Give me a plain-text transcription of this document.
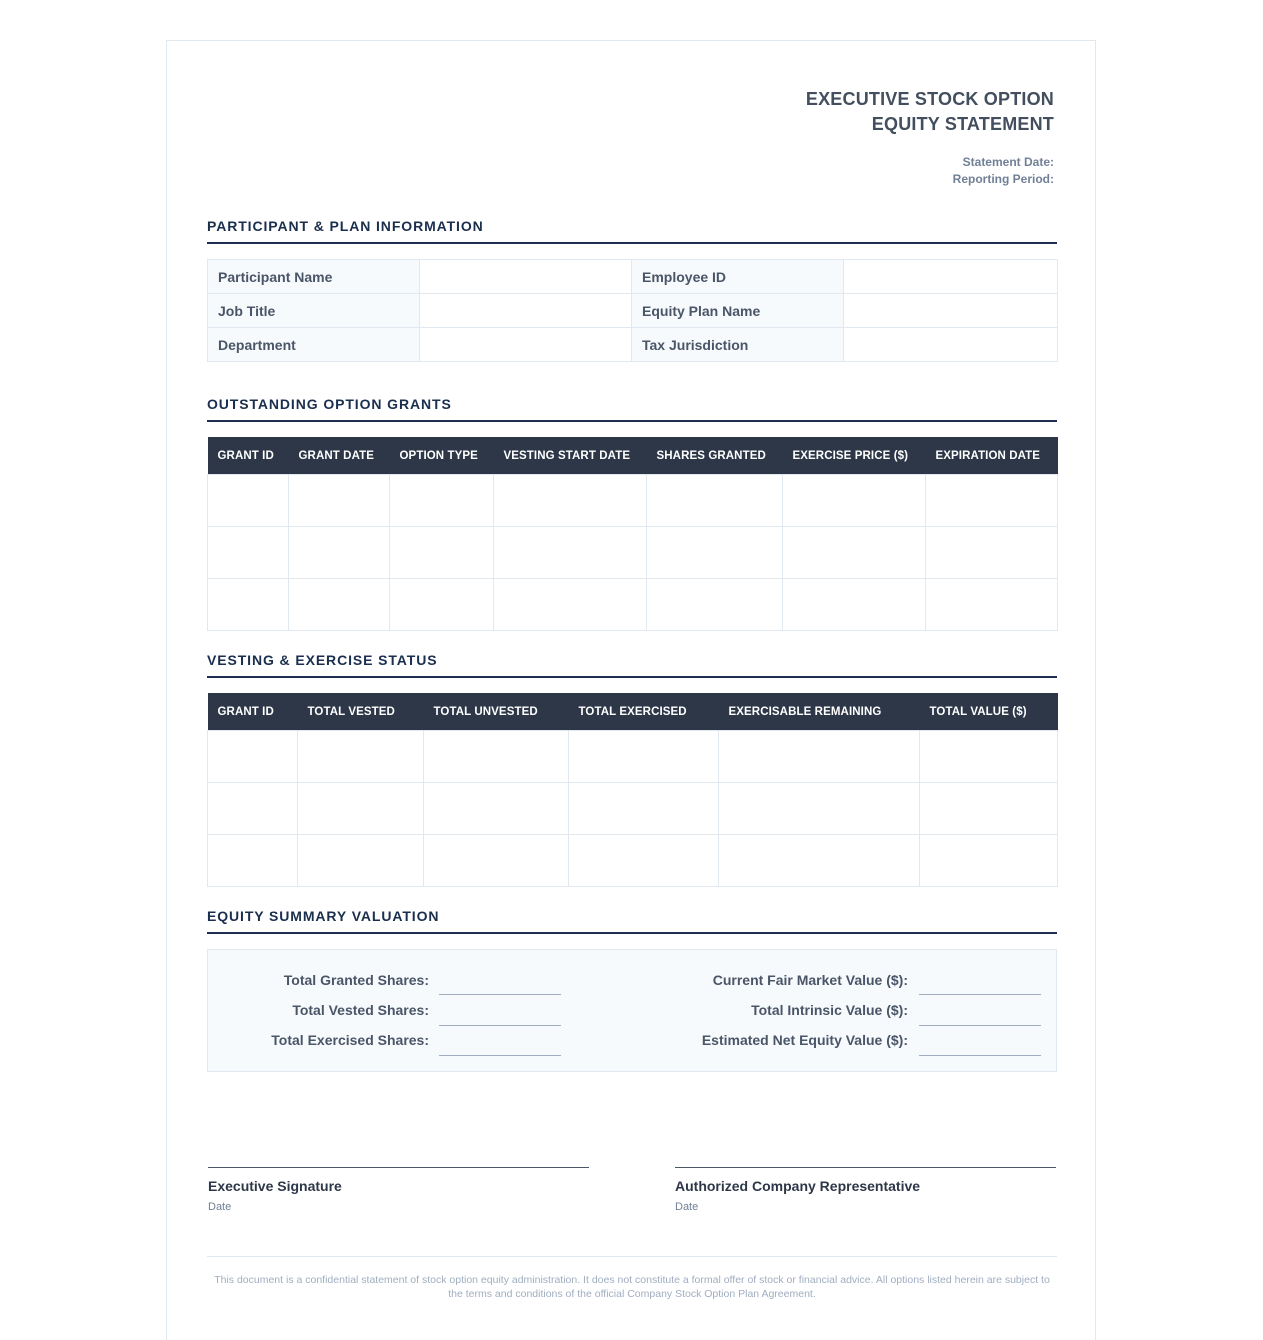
EXECUTIVE STOCK OPTION
EQUITY STATEMENT
Statement Date:
Reporting Period:
PARTICIPANT & PLAN INFORMATION
Participant Name		Employee ID	
Job Title		Equity Plan Name	
Department		Tax Jurisdiction	
OUTSTANDING OPTION GRANTS
GRANT ID	GRANT DATE	OPTION TYPE	VESTING START DATE	SHARES GRANTED	EXERCISE PRICE ($)	EXPIRATION DATE

VESTING & EXERCISE STATUS
GRANT ID	TOTAL VESTED	TOTAL UNVESTED	TOTAL EXERCISED	EXERCISABLE REMAINING	TOTAL VALUE ($)

EQUITY SUMMARY VALUATION
Total Granted Shares:
Total Vested Shares:
Total Exercised Shares:
Current Fair Market Value ($):
Total Intrinsic Value ($):
Estimated Net Equity Value ($):
Executive Signature
Date
Authorized Company Representative
Date
This document is a confidential statement of stock option equity administration. It does not constitute a formal offer of stock or financial advice. All options listed herein are subject to the terms and conditions of the official Company Stock Option Plan Agreement.
